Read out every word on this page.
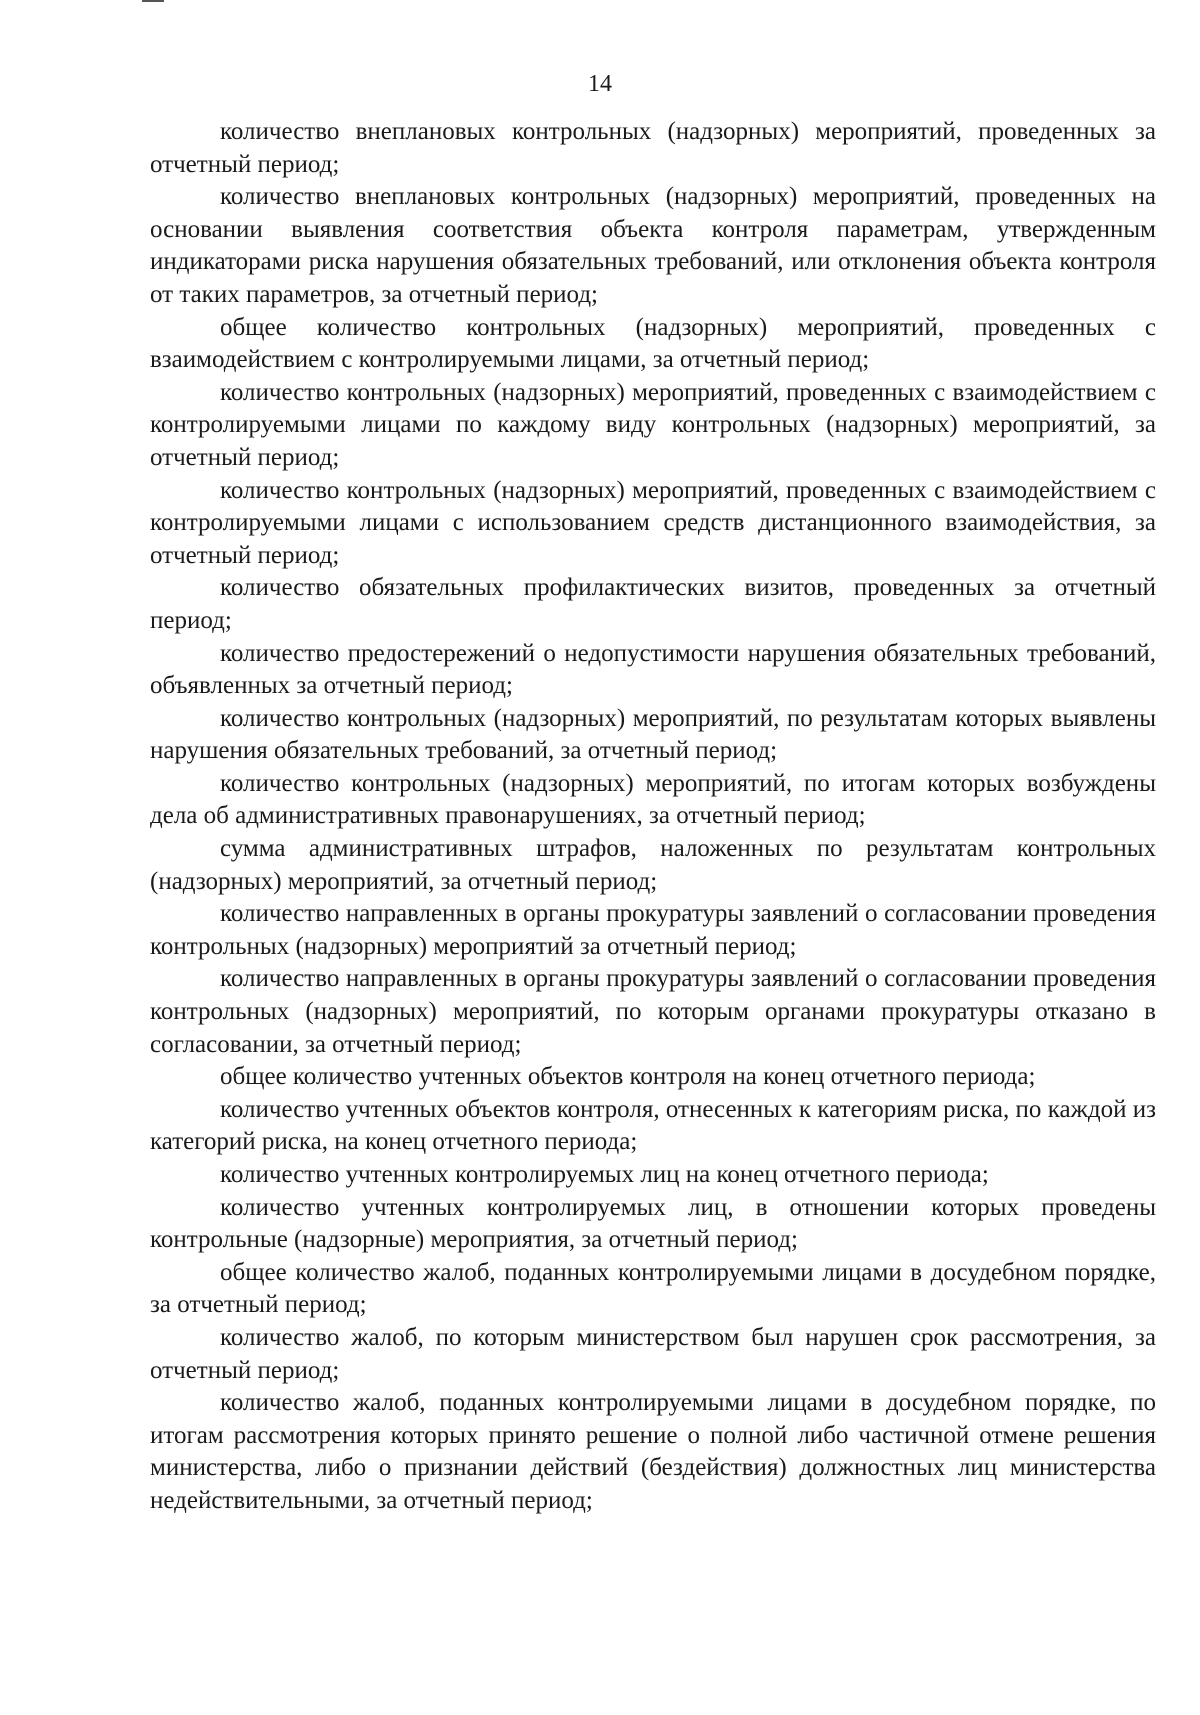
14

количество внеплановых контрольных (надзорных) мероприятий, проведенных за отчетный период;

количество внеплановых контрольных (надзорных) мероприятий, проведенных на основании выявления соответствия объекта контроля параметрам, утвержденным индикаторами риска нарушения обязательных требований, или отклонения объекта контроля от таких параметров, за отчетный период;

общее количество контрольных (надзорных) мероприятий, проведенных с взаимодействием с контролируемыми лицами, за отчетный период;

количество контрольных (надзорных) мероприятий, проведенных с взаимодействием с контролируемыми лицами по каждому виду контрольных (надзорных) мероприятий, за отчетный период;

количество контрольных (надзорных) мероприятий, проведенных с взаимодействием с контролируемыми лицами с использованием средств дистанционного взаимодействия, за отчетный период;

количество обязательных профилактических визитов, проведенных за отчетный период;

количество предостережений о недопустимости нарушения обязательных требований, объявленных за отчетный период;

количество контрольных (надзорных) мероприятий, по результатам которых выявлены нарушения обязательных требований, за отчетный период;

количество контрольных (надзорных) мероприятий, по итогам которых возбуждены дела об административных правонарушениях, за отчетный период;

сумма административных штрафов, наложенных по результатам контрольных (надзорных) мероприятий, за отчетный период;

количество направленных в органы прокуратуры заявлений о согласовании проведения контрольных (надзорных) мероприятий за отчетный период;

количество направленных в органы прокуратуры заявлений о согласовании проведения контрольных (надзорных) мероприятий, по которым органами прокуратуры отказано в согласовании, за отчетный период;

общее количество учтенных объектов контроля на конец отчетного периода;

количество учтенных объектов контроля, отнесенных к категориям риска, по каждой из категорий риска, на конец отчетного периода;

количество учтенных контролируемых лиц на конец отчетного периода;

количество учтенных контролируемых лиц, в отношении которых проведены контрольные (надзорные) мероприятия, за отчетный период;

общее количество жалоб, поданных контролируемыми лицами в досудебном порядке, за отчетный период;

количество жалоб, по которым министерством был нарушен срок рассмотрения, за отчетный период;

количество жалоб, поданных контролируемыми лицами в досудебном порядке, по итогам рассмотрения которых принято решение о полной либо частичной отмене решения министерства, либо о признании действий (бездействия) должностных лиц министерства недействительными, за отчетный период;
